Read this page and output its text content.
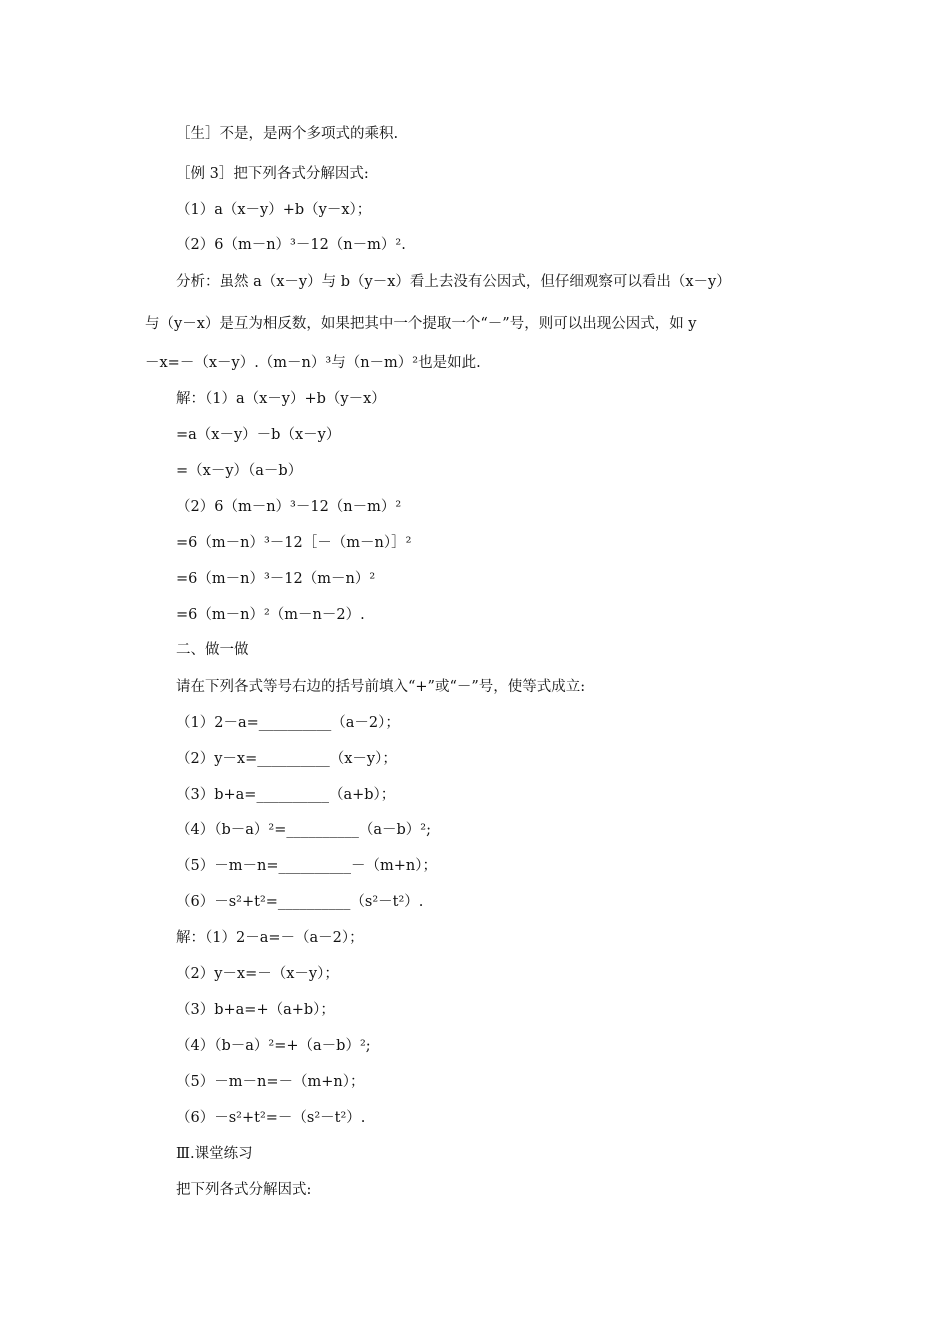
［生］不是，是两个多项式的乘积.
［例 3］把下列各式分解因式:
（1）a（x－y）+b（y－x）；
（2）6（m－n）³－12（n－m）².
分析：虽然 a（x－y）与 b（y－x）看上去没有公因式，但仔细观察可以看出（x－y）
与（y－x）是互为相反数，如果把其中一个提取一个“－”号，则可以出现公因式，如 y
－x=－（x－y）.（m－n）³与（n－m）²也是如此.
解：（1）a（x－y）+b（y－x）
=a（x－y）－b（x－y）
=（x－y）（a－b）
（2）6（m－n）³－12（n－m）²
=6（m－n）³－12［－（m－n）］²
=6（m－n）³－12（m－n）²
=6（m－n）²（m－n－2）.
二、做一做
请在下列各式等号右边的括号前填入“+”或“－”号，使等式成立:
（1）2－a=__________（a－2）；
（2）y－x=__________（x－y）；
（3）b+a=__________（a+b）；
（4）（b－a）²=__________（a－b）²;
（5）－m－n=__________－（m+n）；
（6）－s²+t²=__________（s²－t²）.
解：（1）2－a=－（a－2）；
（2）y－x=－（x－y）；
（3）b+a=+（a+b）；
（4）（b－a）²=+（a－b）²;
（5）－m－n=－（m+n）；
（6）－s²+t²=－（s²－t²）.
Ⅲ.课堂练习
把下列各式分解因式:
